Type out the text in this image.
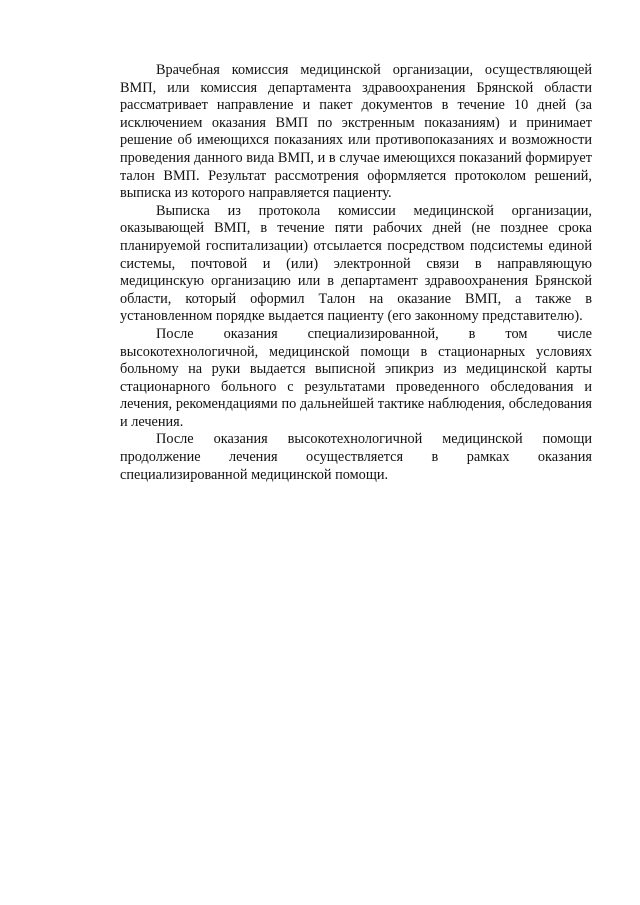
Врачебная комиссия медицинской организации, осуществляющей ВМП, или комиссия департамента здравоохранения Брянской области рассматривает направление и пакет документов в течение 10 дней (за исключением оказания ВМП по экстренным показаниям) и принимает решение об имеющихся показаниях или противопоказаниях и возможности проведения данного вида ВМП, и в случае имеющихся показаний формирует талон ВМП. Результат рассмотрения оформляется протоколом решений, выписка из которого направляется пациенту.

Выписка из протокола комиссии медицинской организации, оказывающей ВМП, в течение пяти рабочих дней (не позднее срока планируемой госпитализации) отсылается посредством подсистемы единой системы, почтовой и (или) электронной связи в направляющую медицинскую организацию или в департамент здравоохранения Брянской области, который оформил Талон на оказание ВМП, а также в установленном порядке выдается пациенту (его законному представителю).

После оказания специализированной, в том числе высокотехнологичной, медицинской помощи в стационарных условиях больному на руки выдается выписной эпикриз из медицинской карты стационарного больного с результатами проведенного обследования и лечения, рекомендациями по дальнейшей тактике наблюдения, обследования и лечения.

После оказания высокотехнологичной медицинской помощи продолжение лечения осуществляется в рамках оказания специализированной медицинской помощи.
